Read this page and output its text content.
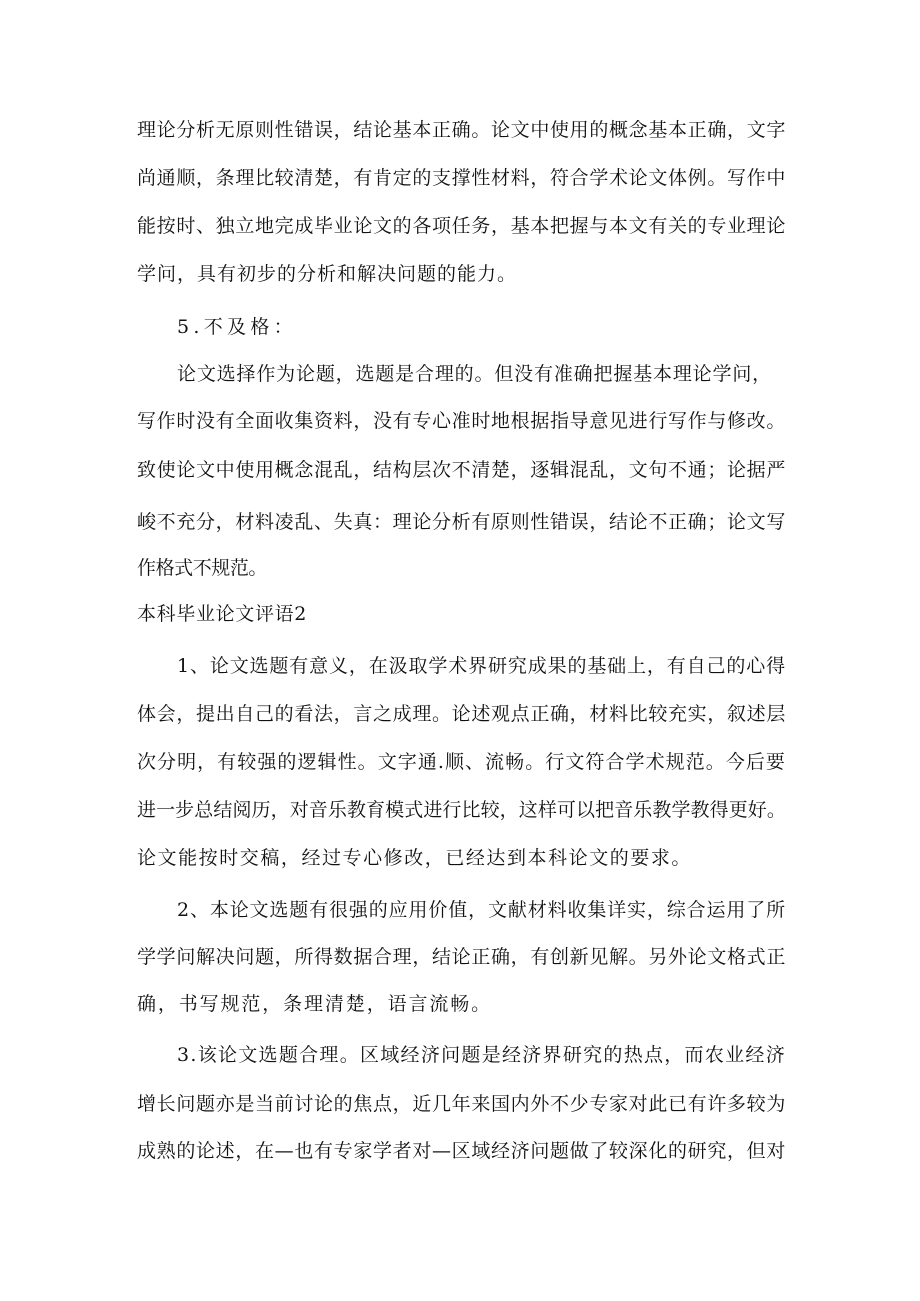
理论分析无原则性错误，结论基本正确。论文中使用的概念基本正确，文字
尚通顺，条理比较清楚，有肯定的支撑性材料，符合学术论文体例。写作中
能按时、独立地完成毕业论文的各项任务，基本把握与本文有关的专业理论
学问，具有初步的分析和解决问题的能力。
5.不及格：
论文选择作为论题，选题是合理的。但没有准确把握基本理论学问，
写作时没有全面收集资料，没有专心准时地根据指导意见进行写作与修改。
致使论文中使用概念混乱，结构层次不清楚，逐辑混乱，文句不通；论据严
峻不充分，材料凌乱、失真：理论分析有原则性错误，结论不正确；论文写
作格式不规范。
本科毕业论文评语2
1、论文选题有意义，在汲取学术界研究成果的基础上，有自己的心得
体会，提出自己的看法，言之成理。论述观点正确，材料比较充实，叙述层
次分明，有较强的逻辑性。文字通.顺、流畅。行文符合学术规范。今后要
进一步总结阅历，对音乐教育模式进行比较，这样可以把音乐教学教得更好。
论文能按时交稿，经过专心修改，已经达到本科论文的要求。
2、本论文选题有很强的应用价值，文献材料收集详实，综合运用了所
学学问解决问题，所得数据合理，结论正确，有创新见解。另外论文格式正
确，书写规范，条理清楚，语言流畅。
3.该论文选题合理。区域经济问题是经济界研究的热点，而农业经济
增长问题亦是当前讨论的焦点，近几年来国内外不少专家对此已有许多较为
成熟的论述，在—也有专家学者对—区域经济问题做了较深化的研究，但对
